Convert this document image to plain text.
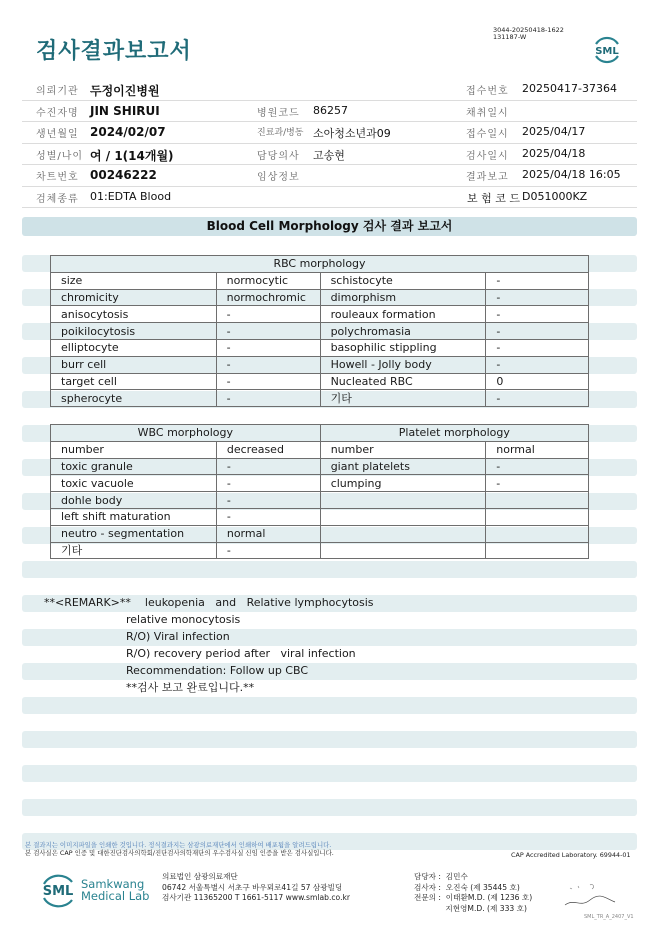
검사결과보고서
3044-20250418-1622
131187-W
SML
의뢰기관 두정이진병원	접수번호 20250417-37364
수진자명 JIN SHIRUI	병원코드 86257	채취일시
생년월일 2024/02/07	진료과/병동 소아청소년과09	접수일시 2025/04/17
성별/나이 여 / 1(14개월)	담당의사 고송현	검사일시 2025/04/18
차트번호 00246222	임상정보	결과보고 2025/04/18 16:05
검체종류 01:EDTA Blood	보 험 코 드 D051000KZ
Blood Cell Morphology 검사 결과 보고서
RBC morphology			
size	normocytic	schistocyte	-
chromicity	normochromic	dimorphism	-
anisocytosis	-	rouleaux formation	-
poikilocytosis	-	polychromasia	-
elliptocyte	-	basophilic stippling	-
burr cell	-	Howell - Jolly body	-
target cell	-	Nucleated RBC	0
spherocyte	-	기타	-
WBC morphology		Platelet morphology	
number	decreased	number	normal
toxic granule	-	giant platelets	-
toxic vacuole	-	clumping	-
dohle body	-		
left shift maturation	-		
neutro - segmentation	normal		
기타	-		
**<REMARK>**    leukopenia   and   Relative lymphocytosis
relative monocytosis
R/O) Viral infection
R/O) recovery period after   viral infection
Recommendation: Follow up CBC
**검사 보고 완료입니다.**
본 결과지는 이미지파일을 인쇄한 것입니다. 정식결과지는 삼광의료재단에서 인쇄하여 배포됨을 알려드립니다.
본 검사실은 CAP 인증 및 대한진단검사의학회/진단검사의학재단의 우수검사실 신임 인증을 받은 검사실입니다.	CAP Accredited Laboratory. 69944-01
SML Samkwang
Medical Lab
의료법인 삼광의료재단
06742 서울특별시 서초구 바우뫼로41길 57 삼광빌딩
검사기관 11365200 T 1661-5117 www.smlab.co.kr
담당자 :  김민수
검사자 :  오진숙 (제 35445 호)
전문의 :  이태환M.D. (제 1236 호)
지현영M.D. (제 333 호)
SML_TR_A_2407_V1
